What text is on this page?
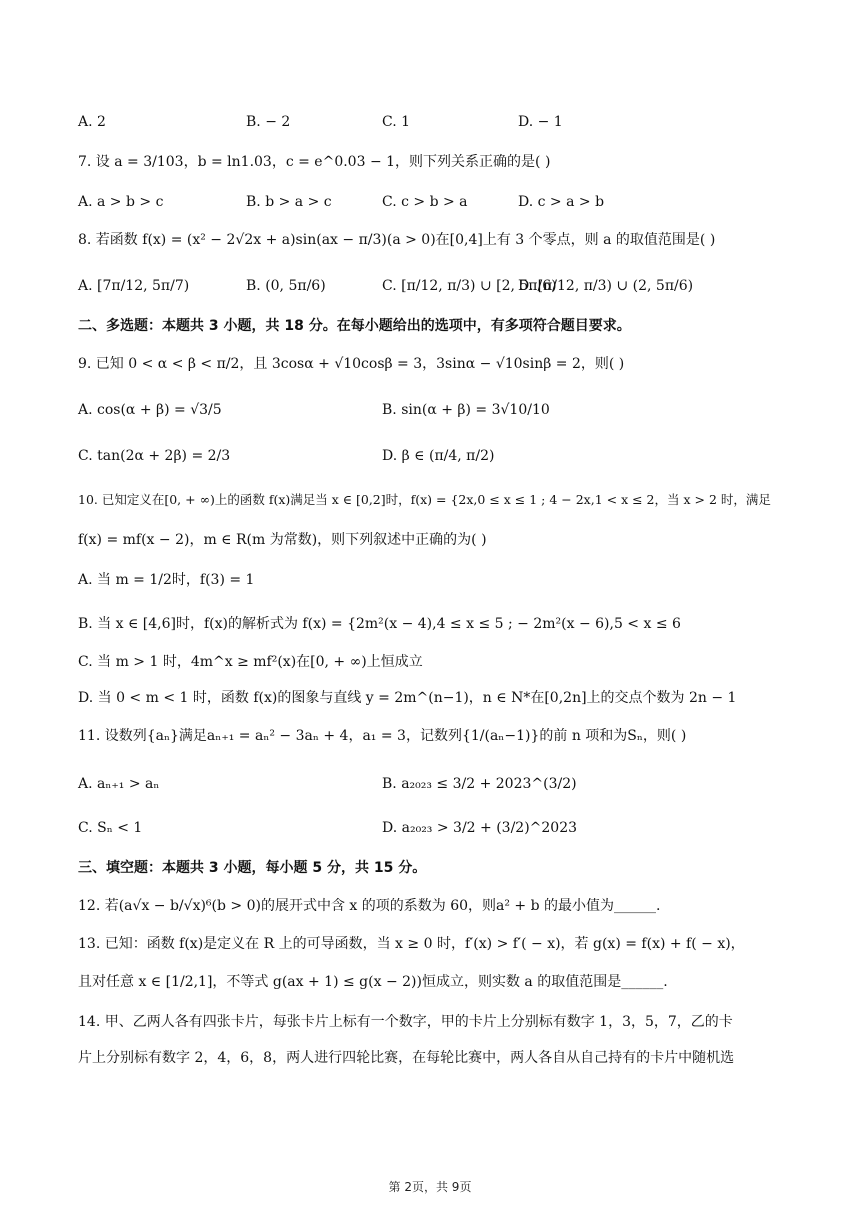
A. 2	B. − 2	C. 1	D. − 1
7. 设 a = 3/103，b = ln1.03，c = e^0.03 − 1，则下列关系正确的是( )
A. a > b > c	B. b > a > c	C. c > b > a	D. c > a > b
8. 若函数 f(x) = (x² − 2√2x + a)sin(ax − π/3)(a > 0)在[0,4]上有 3 个零点，则 a 的取值范围是( )
A. [7π/12, 5π/7)	B. (0, 5π/6)	C. [π/12, π/3) ∪ [2, 5π/6)
D. [π/12, π/3) ∪ (2, 5π/6)
二、多选题：本题共 3 小题，共 18 分。在每小题给出的选项中，有多项符合题目要求。
9. 已知 0 < α < β < π/2，且 3cosα + √10cosβ = 3，3sinα − √10sinβ = 2，则( )
A. cos(α + β) = √3/5	B. sin(α + β) = 3√10/10
C. tan(2α + 2β) = 2/3	D. β ∈ (π/4, π/2)
10. 已知定义在[0, + ∞)上的函数 f(x)满足当 x ∈ [0,2]时，f(x) = {2x,0 ≤ x ≤ 1 ; 4 − 2x,1 < x ≤ 2，当 x > 2 时，满足
f(x) = mf(x − 2)，m ∈ R(m 为常数)，则下列叙述中正确的为( )
A. 当 m = 1/2时，f(3) = 1
B. 当 x ∈ [4,6]时，f(x)的解析式为 f(x) = {2m²(x − 4),4 ≤ x ≤ 5 ; − 2m²(x − 6),5 < x ≤ 6
C. 当 m > 1 时，4m^x ≥ mf²(x)在[0, + ∞)上恒成立
D. 当 0 < m < 1 时，函数 f(x)的图象与直线 y = 2m^(n−1)，n ∈ N*在[0,2n]上的交点个数为 2n − 1
11. 设数列{aₙ}满足aₙ₊₁ = aₙ² − 3aₙ + 4，a₁ = 3，记数列{1/(aₙ−1)}的前 n 项和为Sₙ，则( )
A. aₙ₊₁ > aₙ	B. a₂₀₂₃ ≤ 3/2 + 2023^(3/2)
C. Sₙ < 1	D. a₂₀₂₃ > 3/2 + (3/2)^2023
三、填空题：本题共 3 小题，每小题 5 分，共 15 分。
12. 若(a√x − b/√x)⁶(b > 0)的展开式中含 x 的项的系数为 60，则a² + b 的最小值为______.
13. 已知：函数 f(x)是定义在 R 上的可导函数，当 x ≥ 0 时，f′(x) > f′( − x)，若 g(x) = f(x) + f( − x)，
且对任意 x ∈ [1/2,1]，不等式 g(ax + 1) ≤ g(x − 2))恒成立，则实数 a 的取值范围是______.
14. 甲、乙两人各有四张卡片，每张卡片上标有一个数字，甲的卡片上分别标有数字 1，3，5，7，乙的卡
片上分别标有数字 2，4，6，8，两人进行四轮比赛，在每轮比赛中，两人各自从自己持有的卡片中随机选
第 2页，共 9页
